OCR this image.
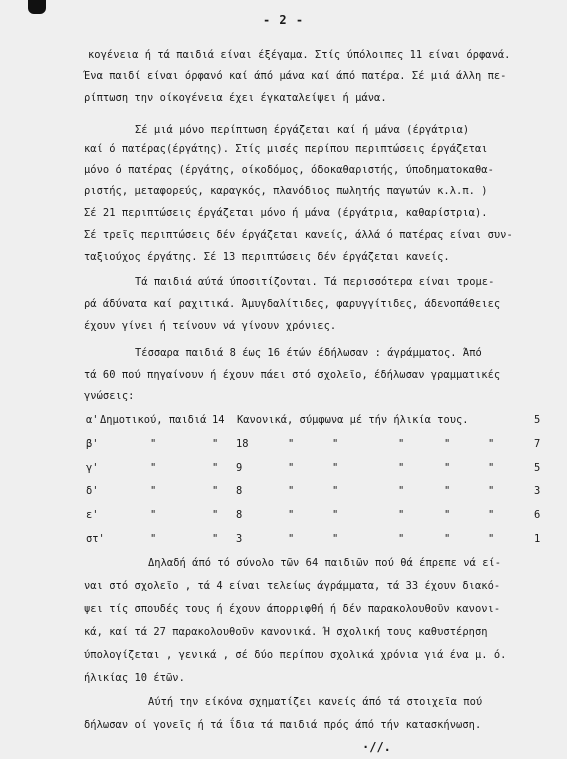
- 2 -
κογένεια ή τά παιδιά είναι έξέγαμα. Στίς ύπόλοιπες 11 είναι όρφανά.
Ένα παιδί είναι όρφανό καί άπό μάνα καί άπό πατέρα. Σέ μιά άλλη πε-
ρίπτωση την οίκογένεια έχει έγκαταλείψει ή μάνα.
Σέ μιά μόνο περίπτωση έργάζεται καί ή μάνα (έργάτρια)
καί ό πατέρας(έργάτης). Στίς μισές περίπου περιπτώσεις έργάζεται
μόνο ό πατέρας (έργάτης, οίκοδόμος, όδοκαθαριστής, ύποδηματοκαθα-
ριστής, μεταφορεύς, καραγκός, πλανόδιος πωλητής παγωτών κ.λ.π. )
Σέ 21 περιπτώσεις έργάζεται μόνο ή μάνα (έργάτρια, καθαρίστρια).
Σέ τρεῖς περιπτώσεις δέν έργάζεται κανείς, άλλά ό πατέρας είναι συν-
ταξιούχος έργάτης. Σέ 13 περιπτώσεις δέν έργάζεται κανείς.
Τά παιδιά αύτά ύποσιτίζονται. Τά περισσότερα είναι τρομε-
ρά άδύνατα καί ραχιτικά. Άμυγδαλίτιδες, φαρυγγίτιδες, άδενοπάθειες
έχουν γίνει ή τείνουν νά γίνουν χρόνιες.
Τέσσαρα παιδιά 8 έως 16 έτών έδήλωσαν : άγράμματος. Άπό
τά 60 πού πηγαίνουν ή έχουν πάει στό σχολεῖο, έδήλωσαν γραμματικές
γνώσεις:
α' Δημοτικού, παιδιά 14 Κανονικά, σύμφωνα μέ τήν ήλικία τους.	5
β'	"	" 18	"	"	"	"	"	7
γ'	"	" 9	"	"	"	"	"	5
δ'	"	" 8	"	"	"	"	"	3
ε'	"	" 8	"	"	"	"	"	6
στ'	"	" 3	"	"	"	"	"	1
Δηλαδή άπό τό σύνολο τῶν 64 παιδιῶν πού θά έπρεπε νά εί-
ναι στό σχολεῖο , τά 4 είναι τελείως άγράμματα, τά 33 έχουν διακό-
ψει τίς σπουδές τους ή έχουν άπορριφθή ή δέν παρακολουθοῦν κανονι-
κά, καί τά 27 παρακολουθοῦν κανονικά. Ή σχολική τους καθυστέρηση
ύπολογίζεται , γενικά , σέ δύο περίπου σχολικά χρόνια γιά ένα μ. ό.
ήλικίας 10 έτῶν.
Αύτή την είκόνα σχηματίζει κανείς άπό τά στοιχεῖα πού
δήλωσαν οί γονεῖς ή τά ΐδια τά παιδιά πρός άπό τήν κατασκήνωση.
·//.
